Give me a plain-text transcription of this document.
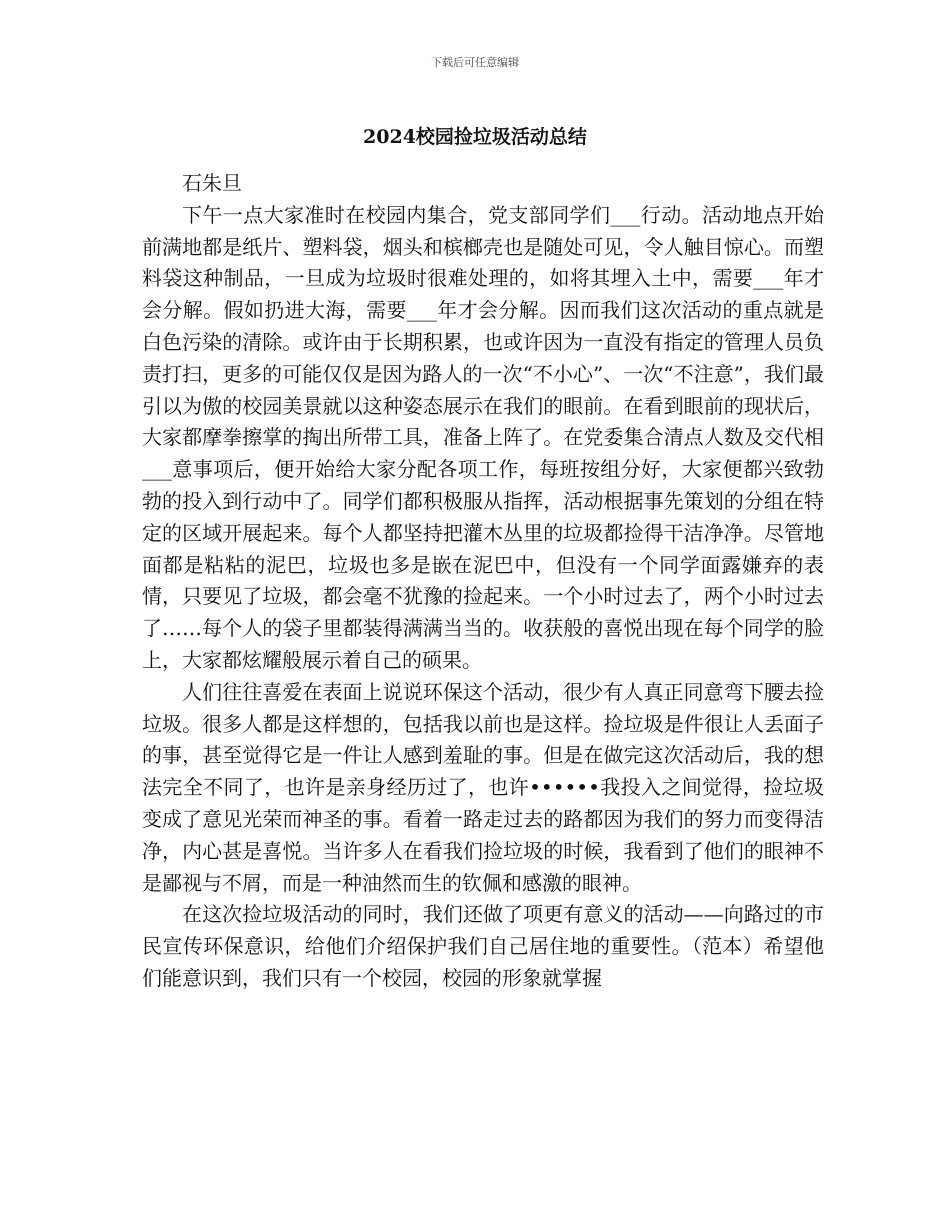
下载后可任意编辑
2024校园捡垃圾活动总结

石朱旦

下午一点大家准时在校园内集合，党支部同学们___行动。活动地点开始前满地都是纸片、塑料袋，烟头和槟榔壳也是随处可见，令人触目惊心。而塑料袋这种制品，一旦成为垃圾时很难处理的，如将其埋入土中，需要___年才会分解。假如扔进大海，需要___年才会分解。因而我们这次活动的重点就是白色污染的清除。或许由于长期积累，也或许因为一直没有指定的管理人员负责打扫，更多的可能仅仅是因为路人的一次“不小心”、一次“不注意”，我们最引以为傲的校园美景就以这种姿态展示在我们的眼前。在看到眼前的现状后，大家都摩拳擦掌的掏出所带工具，准备上阵了。在党委集合清点人数及交代相___意事项后，便开始给大家分配各项工作，每班按组分好，大家便都兴致勃勃的投入到行动中了。同学们都积极服从指挥，活动根据事先策划的分组在特定的区域开展起来。每个人都坚持把灌木丛里的垃圾都捡得干洁净净。尽管地面都是粘粘的泥巴，垃圾也多是嵌在泥巴中，但没有一个同学面露嫌弃的表情，只要见了垃圾，都会毫不犹豫的捡起来。一个小时过去了，两个小时过去了……每个人的袋子里都装得满满当当的。收获般的喜悦出现在每个同学的脸上，大家都炫耀般展示着自己的硕果。

人们往往喜爱在表面上说说环保这个活动，很少有人真正同意弯下腰去捡垃圾。很多人都是这样想的，包括我以前也是这样。捡垃圾是件很让人丢面子的事，甚至觉得它是一件让人感到羞耻的事。但是在做完这次活动后，我的想法完全不同了，也许是亲身经历过了，也许••••••我投入之间觉得，捡垃圾变成了意见光荣而神圣的事。看着一路走过去的路都因为我们的努力而变得洁净，内心甚是喜悦。当许多人在看我们捡垃圾的时候，我看到了他们的眼神不是鄙视与不屑，而是一种油然而生的钦佩和感激的眼神。

在这次捡垃圾活动的同时，我们还做了项更有意义的活动——向路过的市民宣传环保意识，给他们介绍保护我们自己居住地的重要性。（范本）希望他们能意识到，我们只有一个校园，校园的形象就掌握
